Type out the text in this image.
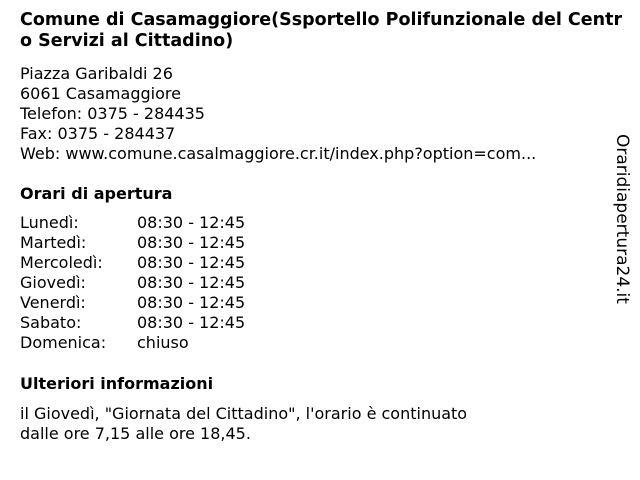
Comune di Casamaggiore(Ssportello Polifunzionale del Centro Servizi al Cittadino)
Piazza Garibaldi 26
6061 Casamaggiore
Telefon: 0375 - 284435
Fax: 0375 - 284437
Web: www.comune.casalmaggiore.cr.it/index.php?option=com...
Orari di apertura
Lunedì:	08:30 - 12:45
Martedì:	08:30 - 12:45
Mercoledì:	08:30 - 12:45
Giovedì:	08:30 - 12:45
Venerdì:	08:30 - 12:45
Sabato:	08:30 - 12:45
Domenica:	chiuso
Ulteriori informazioni
il Giovedì, "Giornata del Cittadino", l'orario è continuato dalle ore 7,15 alle ore 18,45.
Oraridiapertura24.it
